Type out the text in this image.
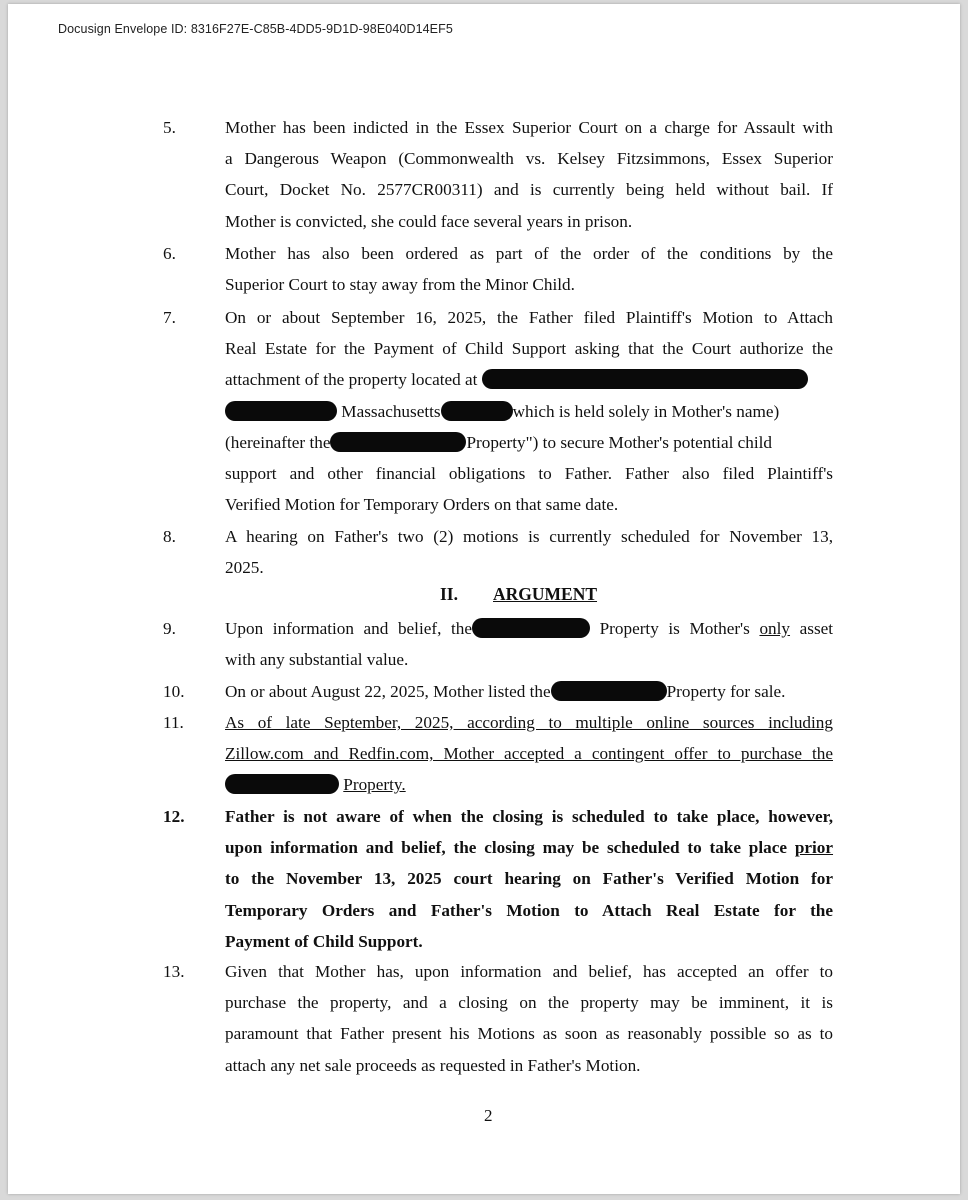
Docusign Envelope ID: 8316F27E-C85B-4DD5-9D1D-98E040D14EF5
5.	Mother has been indicted in the Essex Superior Court on a charge for Assault with
a Dangerous Weapon (Commonwealth vs. Kelsey Fitzsimmons, Essex Superior
Court, Docket No. 2577CR00311) and is currently being held without bail. If
Mother is convicted, she could face several years in prison.
6.	Mother has also been ordered as part of the order of the conditions by the
Superior Court to stay away from the Minor Child.
7.	On or about September 16, 2025, the Father filed Plaintiff's Motion to Attach
Real Estate for the Payment of Child Support asking that the Court authorize the
attachment of the property located at
Massachusetts	which is held solely in Mother's name)
(hereinafter the	Property") to secure Mother's potential child
support and other financial obligations to Father. Father also filed Plaintiff's
Verified Motion for Temporary Orders on that same date.
8.	A hearing on Father's two (2) motions is currently scheduled for November 13,
2025.
II. ARGUMENT
9.	Upon information and belief, the	Property is Mother's only asset
with any substantial value.
10.	On or about August 22, 2025, Mother listed the	Property for sale.
11.	As of late September, 2025, according to multiple online sources including
Zillow.com and Redfin.com, Mother accepted a contingent offer to purchase the
Property.
12.	Father is not aware of when the closing is scheduled to take place, however,
upon information and belief, the closing may be scheduled to take place prior
to the November 13, 2025 court hearing on Father's Verified Motion for
Temporary Orders and Father's Motion to Attach Real Estate for the
Payment of Child Support.
13.	Given that Mother has, upon information and belief, has accepted an offer to
purchase the property, and a closing on the property may be imminent, it is
paramount that Father present his Motions as soon as reasonably possible so as to
attach any net sale proceeds as requested in Father's Motion.
2
